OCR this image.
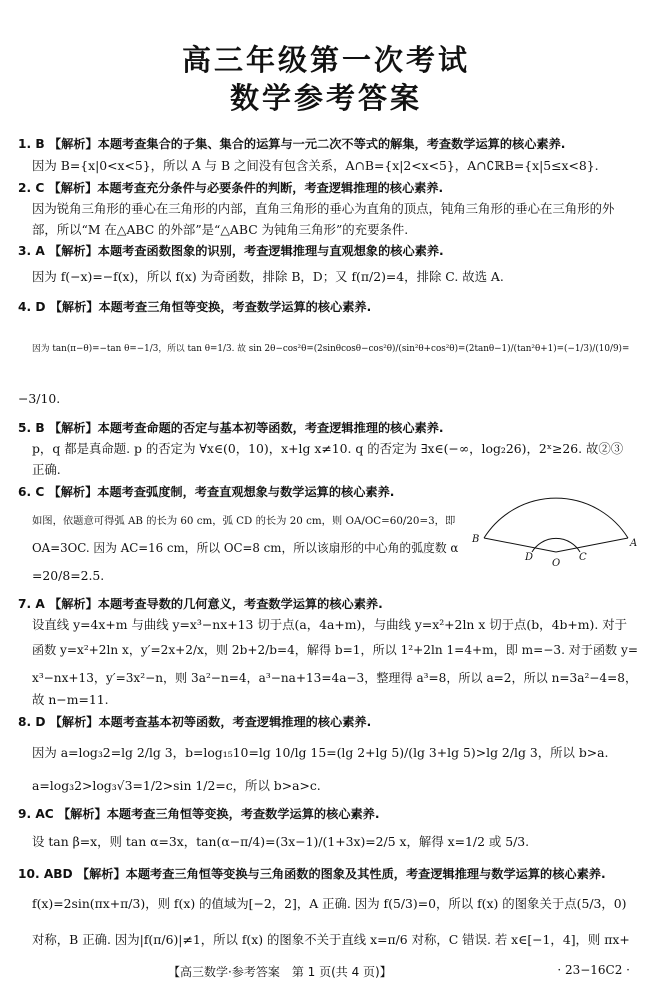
高三年级第一次考试
数学参考答案
1. B 【解析】本题考查集合的子集、集合的运算与一元二次不等式的解集，考查数学运算的核心素养.
因为 B={x|0<x<5}，所以 A 与 B 之间没有包含关系，A∩B={x|2<x<5}，A∩∁ℝB={x|5≤x<8}.
2. C 【解析】本题考查充分条件与必要条件的判断，考查逻辑推理的核心素养.
因为锐角三角形的垂心在三角形的内部，直角三角形的垂心为直角的顶点，钝角三角形的垂心在三角形的外
部，所以“M 在△ABC 的外部”是“△ABC 为钝角三角形”的充要条件.
3. A 【解析】本题考查函数图象的识别，考查逻辑推理与直观想象的核心素养.
因为 f(−x)=−f(x)，所以 f(x) 为奇函数，排除 B，D；又 f(π/2)=4，排除 C. 故选 A.
4. D 【解析】本题考查三角恒等变换，考查数学运算的核心素养.
因为 tan(π−θ)=−tan θ=−1/3，所以 tan θ=1/3. 故 sin 2θ−cos²θ=(2sinθcosθ−cos²θ)/(sin²θ+cos²θ)=(2tanθ−1)/(tan²θ+1)=(−1/3)/(10/9)=
−3/10.
5. B 【解析】本题考查命题的否定与基本初等函数，考查逻辑推理的核心素养.
p，q 都是真命题. p 的否定为 ∀x∈(0，10)，x+lg x≠10. q 的否定为 ∃x∈(−∞，log₂26)，2ˣ≥26. 故②③
正确.
6. C 【解析】本题考查弧度制，考查直观想象与数学运算的核心素养.
如图，依题意可得弧 AB 的长为 60 cm，弧 CD 的长为 20 cm，则 OA/OC=60/20=3，即
OA=3OC. 因为 AC=16 cm，所以 OC=8 cm，所以该扇形的中心角的弧度数 α
=20/8=2.5.
B	A
D
O
C
7. A 【解析】本题考查导数的几何意义，考查数学运算的核心素养.
设直线 y=4x+m 与曲线 y=x³−nx+13 切于点(a，4a+m)，与曲线 y=x²+2ln x 切于点(b，4b+m). 对于
函数 y=x²+2ln x，y′=2x+2/x，则 2b+2/b=4，解得 b=1，所以 1²+2ln 1=4+m，即 m=−3. 对于函数 y=
x³−nx+13，y′=3x²−n，则 3a²−n=4，a³−na+13=4a−3，整理得 a³=8，所以 a=2，所以 n=3a²−4=8，
故 n−m=11.
8. D 【解析】本题考查基本初等函数，考查逻辑推理的核心素养.
因为 a=log₃2=lg 2/lg 3，b=log₁₅10=lg 10/lg 15=(lg 2+lg 5)/(lg 3+lg 5)>lg 2/lg 3，所以 b>a.
a=log₃2>log₃√3=1/2>sin 1/2=c，所以 b>a>c.
9. AC 【解析】本题考查三角恒等变换，考查数学运算的核心素养.
设 tan β=x，则 tan α=3x，tan(α−π/4)=(3x−1)/(1+3x)=2/5 x，解得 x=1/2 或 5/3.
10. ABD 【解析】本题考查三角恒等变换与三角函数的图象及其性质，考查逻辑推理与数学运算的核心素养.
f(x)=2sin(πx+π/3)，则 f(x) 的值域为[−2，2]，A 正确. 因为 f(5/3)=0，所以 f(x) 的图象关于点(5/3，0)
对称，B 正确. 因为|f(π/6)|≠1，所以 f(x) 的图象不关于直线 x=π/6 对称，C 错误. 若 x∈[−1，4]，则 πx+
【高三数学·参考答案　第 1 页(共 4 页)】	· 23−16C2 ·
